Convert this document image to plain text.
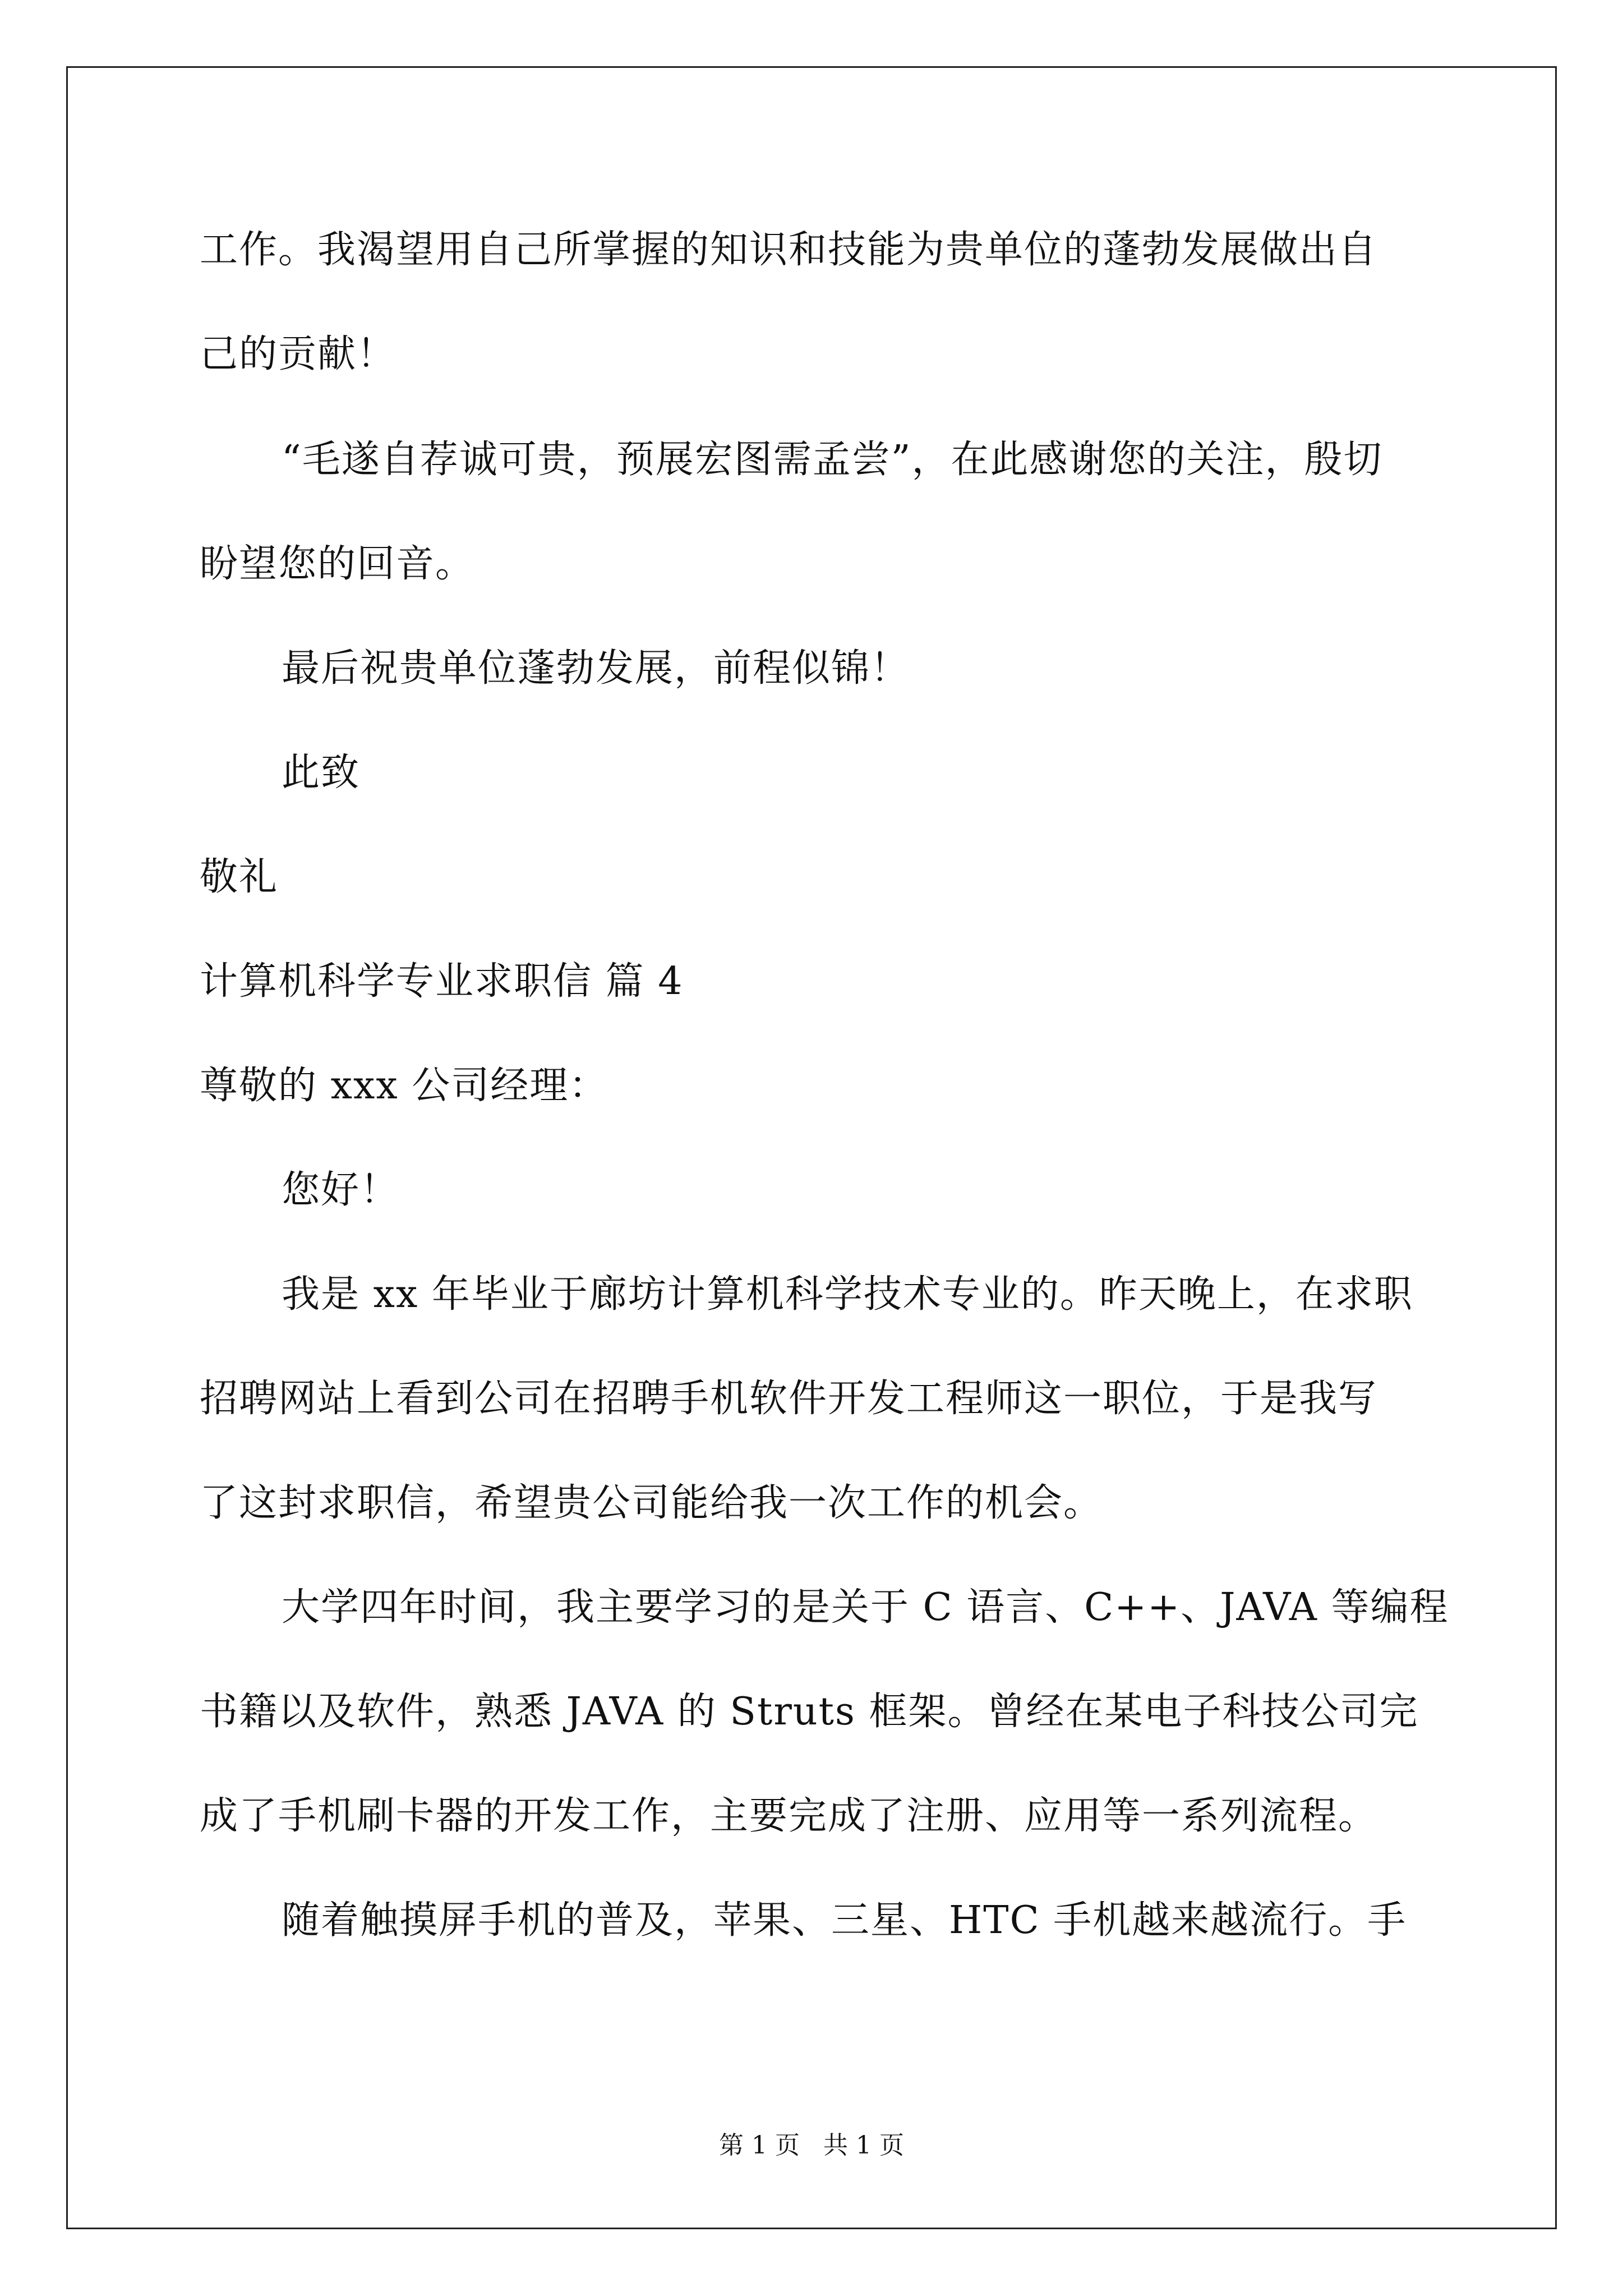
工作。我渴望用自己所掌握的知识和技能为贵单位的蓬勃发展做出自
己的贡献！
“毛遂自荐诚可贵，预展宏图需孟尝”，在此感谢您的关注，殷切
盼望您的回音。
最后祝贵单位蓬勃发展，前程似锦！
此致
敬礼
计算机科学专业求职信 篇 4
尊敬的 xxx 公司经理：
您好！
我是 xx 年毕业于廊坊计算机科学技术专业的。昨天晚上，在求职
招聘网站上看到公司在招聘手机软件开发工程师这一职位，于是我写
了这封求职信，希望贵公司能给我一次工作的机会。
大学四年时间，我主要学习的是关于 C 语言、C++、JAVA 等编程
书籍以及软件，熟悉 JAVA 的 Struts 框架。曾经在某电子科技公司完
成了手机刷卡器的开发工作，主要完成了注册、应用等一系列流程。
随着触摸屏手机的普及，苹果、三星、HTC 手机越来越流行。手
第 1 页   共 1 页
